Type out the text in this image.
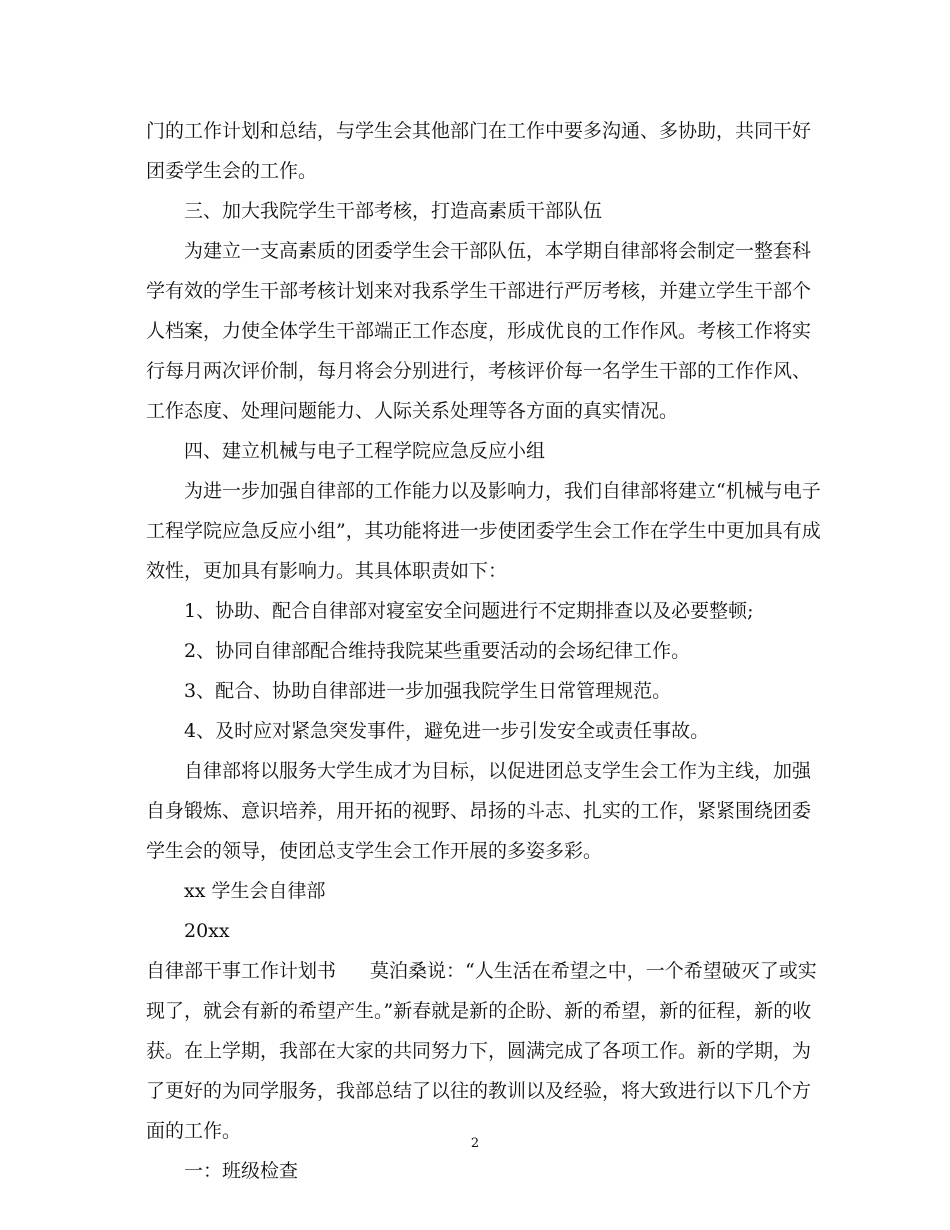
门的工作计划和总结，与学生会其他部门在工作中要多沟通、多协助，共同干好
团委学生会的工作。
三、加大我院学生干部考核，打造高素质干部队伍
为建立一支高素质的团委学生会干部队伍，本学期自律部将会制定一整套科
学有效的学生干部考核计划来对我系学生干部进行严厉考核，并建立学生干部个
人档案，力使全体学生干部端正工作态度，形成优良的工作作风。考核工作将实
行每月两次评价制，每月将会分别进行，考核评价每一名学生干部的工作作风、
工作态度、处理问题能力、人际关系处理等各方面的真实情况。
四、建立机械与电子工程学院应急反应小组
为进一步加强自律部的工作能力以及影响力，我们自律部将建立“机械与电子
工程学院应急反应小组”，其功能将进一步使团委学生会工作在学生中更加具有成
效性，更加具有影响力。其具体职责如下：
1、协助、配合自律部对寝室安全问题进行不定期排查以及必要整顿;
2、协同自律部配合维持我院某些重要活动的会场纪律工作。
3、配合、协助自律部进一步加强我院学生日常管理规范。
4、及时应对紧急突发事件，避免进一步引发安全或责任事故。
自律部将以服务大学生成才为目标，以促进团总支学生会工作为主线，加强
自身锻炼、意识培养，用开拓的视野、昂扬的斗志、扎实的工作，紧紧围绕团委
学生会的领导，使团总支学生会工作开展的多姿多彩。
xx 学生会自律部
20xx
自律部干事工作计划书 莫泊桑说：“人生活在希望之中，一个希望破灭了或实
现了，就会有新的希望产生。”新春就是新的企盼、新的希望，新的征程，新的收
获。在上学期，我部在大家的共同努力下，圆满完成了各项工作。新的学期，为
了更好的为同学服务，我部总结了以往的教训以及经验，将大致进行以下几个方
面的工作。
一：班级检查
2
